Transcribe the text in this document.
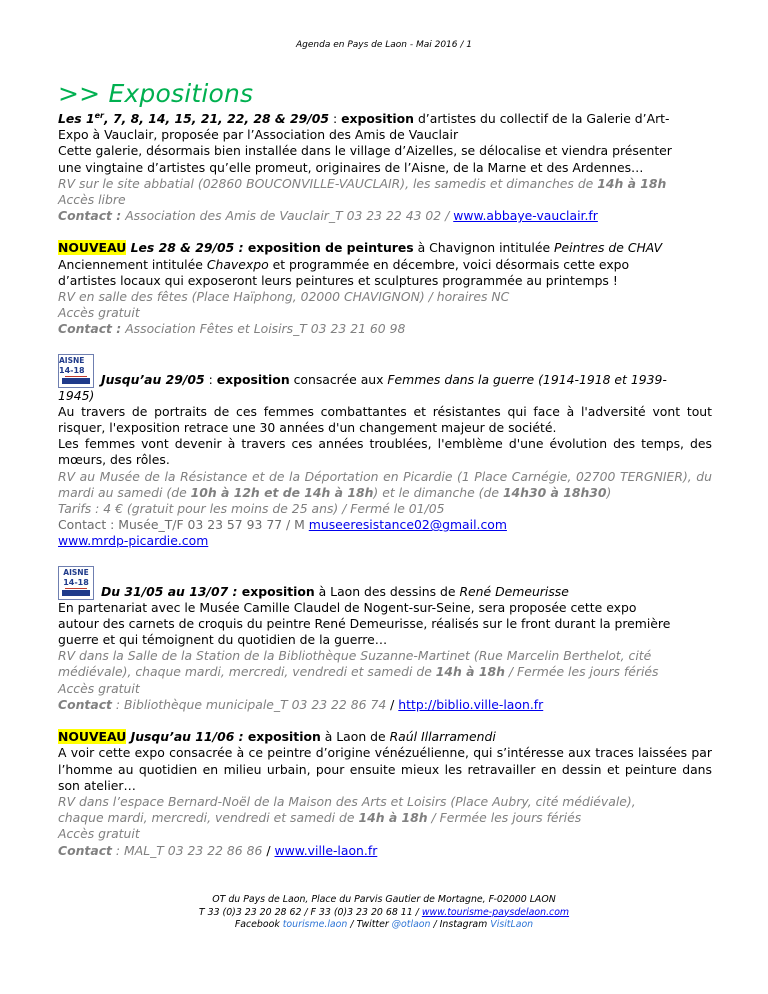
Agenda en Pays de Laon - Mai 2016 / 1
>> Expositions
Les 1er, 7, 8, 14, 15, 21, 22, 28 & 29/05 : exposition d’artistes du collectif de la Galerie d’Art-
Expo à Vauclair, proposée par l’Association des Amis de Vauclair
Cette galerie, désormais bien installée dans le village d’Aizelles, se délocalise et viendra présenter
une vingtaine d’artistes qu’elle promeut, originaires de l’Aisne, de la Marne et des Ardennes…
RV sur le site abbatial (02860 BOUCONVILLE-VAUCLAIR), les samedis et dimanches de 14h à 18h
Accès libre
Contact : Association des Amis de Vauclair_T 03 23 22 43 02 / www.abbaye-vauclair.fr
NOUVEAU Les 28 & 29/05 : exposition de peintures à Chavignon intitulée Peintres de CHAV
Anciennement intitulée Chavexpo et programmée en décembre, voici désormais cette expo
d’artistes locaux qui exposeront leurs peintures et sculptures programmée au printemps !
RV en salle des fêtes (Place Haïphong, 02000 CHAVIGNON) / horaires NC
Accès gratuit
Contact : Association Fêtes et Loisirs_T 03 23 21 60 98
AISNE
14-18
Jusqu’au 29/05 : exposition consacrée aux Femmes dans la guerre (1914-1918 et 1939-
1945)
Au travers de portraits de ces femmes combattantes et résistantes qui face à l'adversité vont tout risquer, l'exposition retrace une 30 années d'un changement majeur de société.
Les femmes vont devenir à travers ces années troublées, l'emblème d'une évolution des temps, des mœurs, des rôles.
RV au Musée de la Résistance et de la Déportation en Picardie (1 Place Carnégie, 02700 TERGNIER), du mardi au samedi (de 10h à 12h et de 14h à 18h) et le dimanche (de 14h30 à 18h30)
Tarifs : 4 € (gratuit pour les moins de 25 ans) / Fermé le 01/05
Contact : Musée_T/F 03 23 57 93 77 / M museeresistance02@gmail.com
www.mrdp-picardie.com
AISNE
14-18
Du 31/05 au 13/07 : exposition à Laon des dessins de René Demeurisse
En partenariat avec le Musée Camille Claudel de Nogent-sur-Seine, sera proposée cette expo
autour des carnets de croquis du peintre René Demeurisse, réalisés sur le front durant la première
guerre et qui témoignent du quotidien de la guerre…
RV dans la Salle de la Station de la Bibliothèque Suzanne-Martinet (Rue Marcelin Berthelot, cité
médiévale), chaque mardi, mercredi, vendredi et samedi de 14h à 18h / Fermée les jours fériés
Accès gratuit
Contact : Bibliothèque municipale_T 03 23 22 86 74 / http://biblio.ville-laon.fr
NOUVEAU Jusqu’au 11/06 : exposition à Laon de Raúl Illarramendi
A voir cette expo consacrée à ce peintre d’origine vénézuélienne, qui s’intéresse aux traces laissées par l’homme au quotidien en milieu urbain, pour ensuite mieux les retravailler en dessin et peinture dans son atelier…
RV dans l’espace Bernard-Noël de la Maison des Arts et Loisirs (Place Aubry, cité médiévale),
chaque mardi, mercredi, vendredi et samedi de 14h à 18h / Fermée les jours fériés
Accès gratuit
Contact : MAL_T 03 23 22 86 86 / www.ville-laon.fr
OT du Pays de Laon, Place du Parvis Gautier de Mortagne, F-02000 LAON
T 33 (0)3 23 20 28 62 / F 33 (0)3 23 20 68 11 / www.tourisme-paysdelaon.com
Facebook tourisme.laon / Twitter @otlaon / Instagram VisitLaon
